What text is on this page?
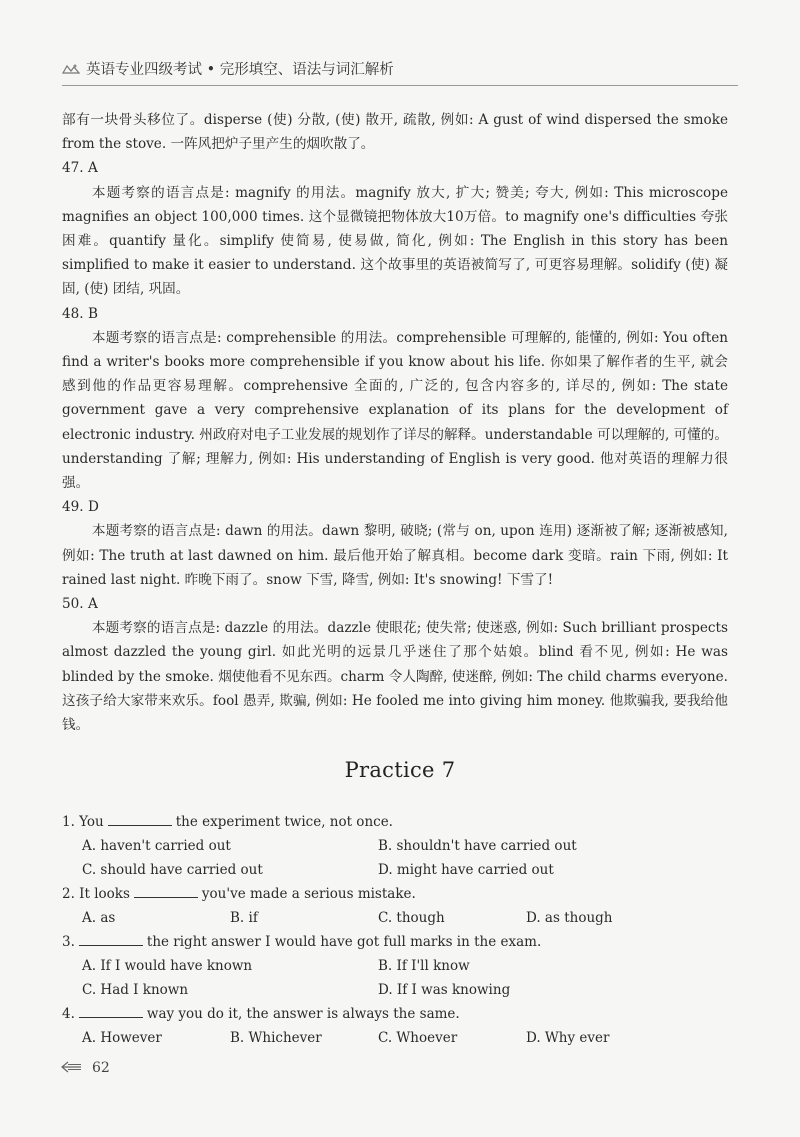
英语专业四级考试 • 完形填空、语法与词汇解析

部有一块骨头移位了。disperse (使) 分散, (使) 散开, 疏散, 例如: A gust of wind dispersed the smoke from the stove. 一阵风把炉子里产生的烟吹散了。

47. A

本题考察的语言点是: magnify 的用法。magnify 放大, 扩大; 赞美; 夸大, 例如: This microscope magnifies an object 100,000 times. 这个显微镜把物体放大10万倍。to magnify one's difficulties 夸张困难。quantify 量化。simplify 使简易, 使易做, 简化, 例如: The English in this story has been simplified to make it easier to understand. 这个故事里的英语被简写了, 可更容易理解。solidify (使) 凝固, (使) 团结, 巩固。

48. B

本题考察的语言点是: comprehensible 的用法。comprehensible 可理解的, 能懂的, 例如: You often find a writer's books more comprehensible if you know about his life. 你如果了解作者的生平, 就会感到他的作品更容易理解。comprehensive 全面的, 广泛的, 包含内容多的, 详尽的, 例如: The state government gave a very comprehensive explanation of its plans for the development of electronic industry. 州政府对电子工业发展的规划作了详尽的解释。understandable 可以理解的, 可懂的。understanding 了解; 理解力, 例如: His understanding of English is very good. 他对英语的理解力很强。

49. D

本题考察的语言点是: dawn 的用法。dawn 黎明, 破晓; (常与 on, upon 连用) 逐渐被了解; 逐渐被感知, 例如: The truth at last dawned on him. 最后他开始了解真相。become dark 变暗。rain 下雨, 例如: It rained last night. 昨晚下雨了。snow 下雪, 降雪, 例如: It's snowing! 下雪了!

50. A

本题考察的语言点是: dazzle 的用法。dazzle 使眼花; 使失常; 使迷惑, 例如: Such brilliant prospects almost dazzled the young girl. 如此光明的远景几乎迷住了那个姑娘。blind 看不见, 例如: He was blinded by the smoke. 烟使他看不见东西。charm 令人陶醉, 使迷醉, 例如: The child charms everyone. 这孩子给大家带来欢乐。fool 愚弄, 欺骗, 例如: He fooled me into giving him money. 他欺骗我, 要我给他钱。

Practice 7

1. You	the experiment twice, not once.

A. haven't carried out	B. shouldn't have carried out

C. should have carried out	D. might have carried out

2. It looks	you've made a serious mistake.

A. as	B. if	C. though	D. as though

3.	the right answer I would have got full marks in the exam.

A. If I would have known	B. If I'll know

C. Had I known	D. If I was knowing

4.	way you do it, the answer is always the same.

A. However	B. Whichever	C. Whoever	D. Why ever

62
